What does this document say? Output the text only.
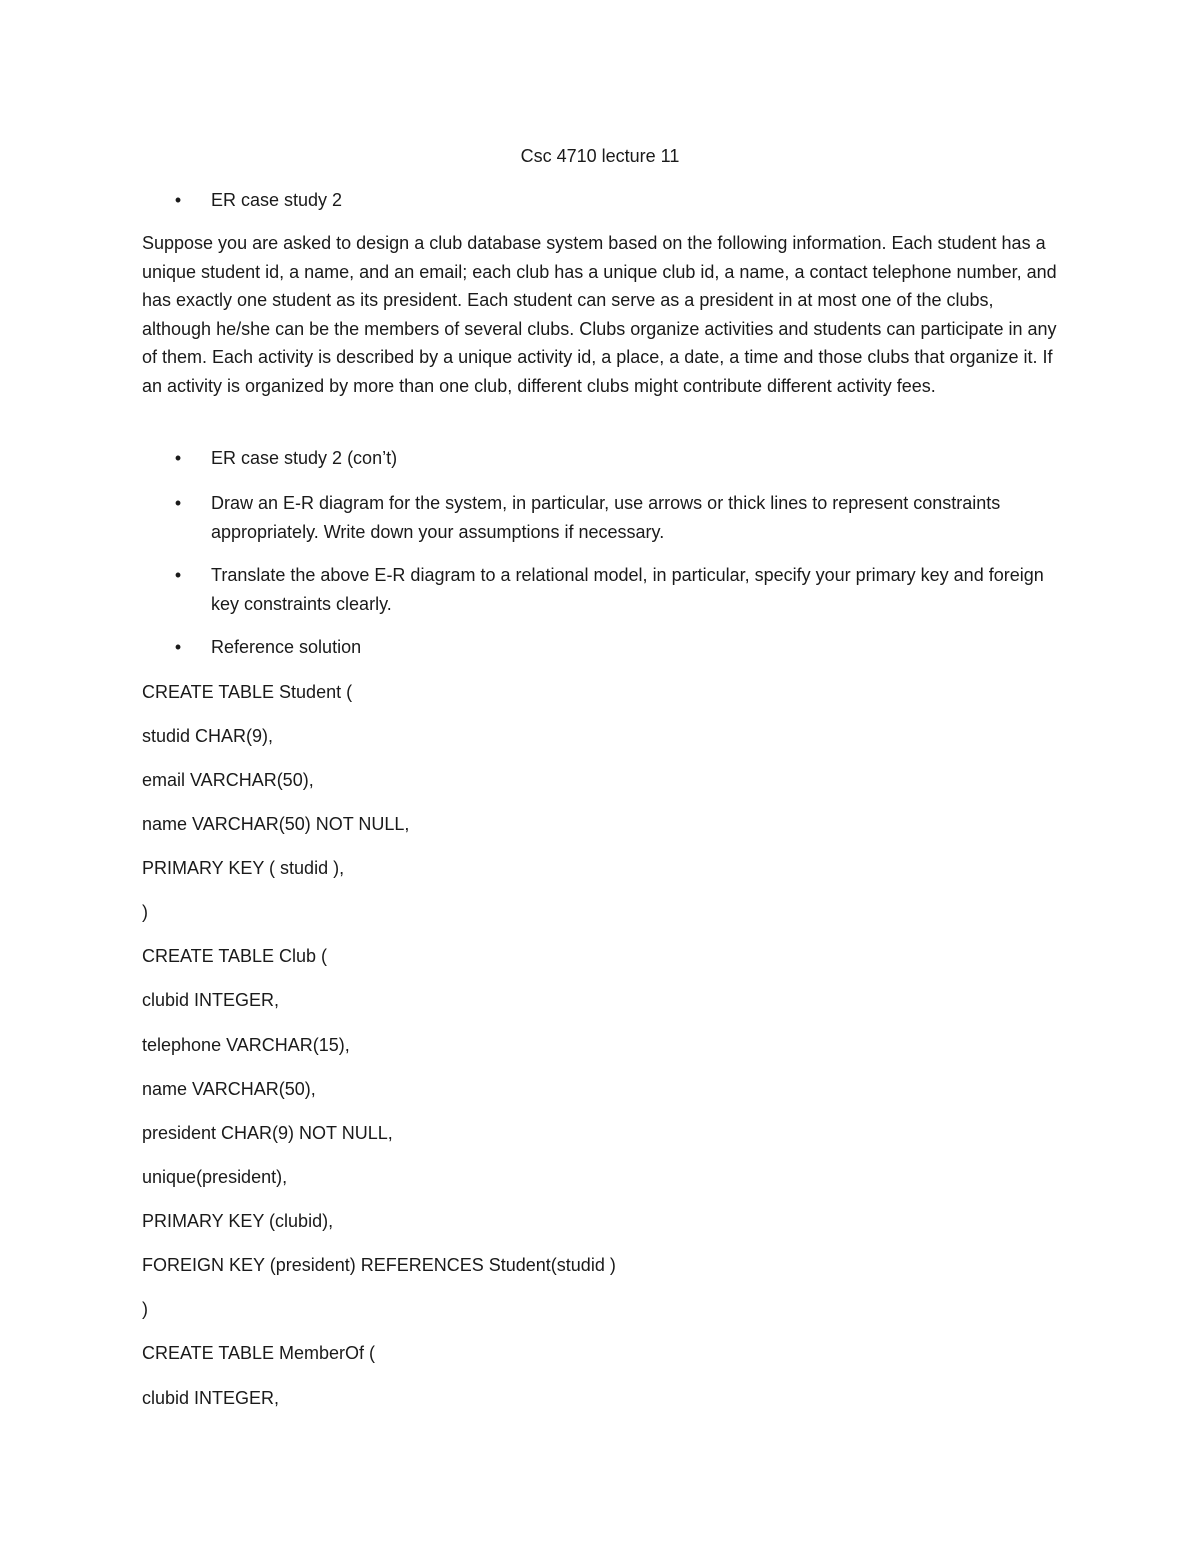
Csc 4710 lecture 11
• ER case study 2
Suppose you are asked to design a club database system based on the following information. Each student has a unique student id, a name, and an email; each club has a unique club id, a name, a contact telephone number, and has exactly one student as its president. Each student can serve as a president in at most one of the clubs, although he/she can be the members of several clubs. Clubs organize activities and students can participate in any of them. Each activity is described by a unique activity id, a place, a date, a time and those clubs that organize it. If an activity is organized by more than one club, different clubs might contribute different activity fees.
• ER case study 2 (con’t)
• Draw an E-R diagram for the system, in particular, use arrows or thick lines to represent constraints appropriately. Write down your assumptions if necessary.
• Translate the above E-R diagram to a relational model, in particular, specify your primary key and foreign key constraints clearly.
• Reference solution
CREATE TABLE Student (
studid CHAR(9),
email VARCHAR(50),
name VARCHAR(50) NOT NULL,
PRIMARY KEY ( studid ),
)
CREATE TABLE Club (
clubid INTEGER,
telephone VARCHAR(15),
name VARCHAR(50),
president CHAR(9) NOT NULL,
unique(president),
PRIMARY KEY (clubid),
FOREIGN KEY (president) REFERENCES Student(studid )
)
CREATE TABLE MemberOf (
clubid INTEGER,
